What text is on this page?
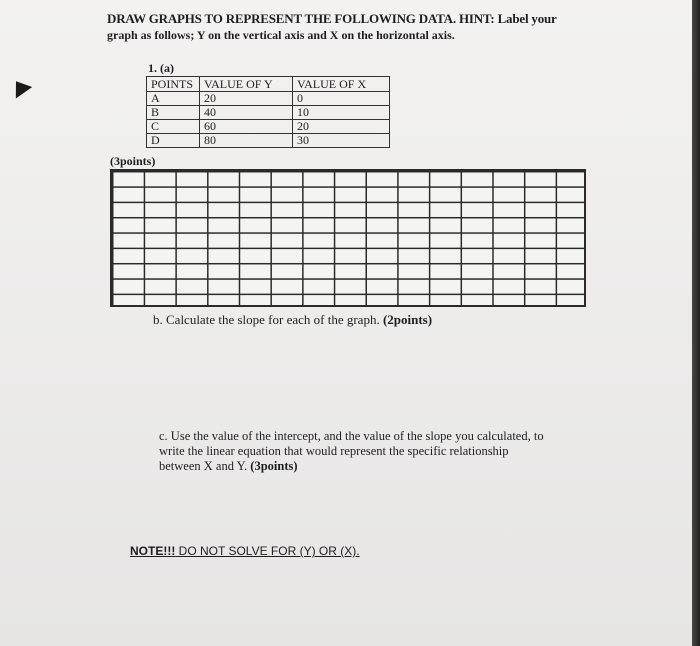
DRAW GRAPHS TO REPRESENT THE FOLLOWING DATA. HINT: Label your
graph as follows; Y on the vertical axis and X on the horizontal axis.
1. (a)
POINTS	VALUE OF Y	VALUE OF X
A	20	0
B	40	10
C	60	20
D	80	30
(3points)
b. Calculate the slope for each of the graph. (2points)
c. Use the value of the intercept, and the value of the slope you calculated, to write the linear equation that would represent the specific relationship between X and Y. (3points)
NOTE!!! DO NOT SOLVE FOR (Y) OR (X).
